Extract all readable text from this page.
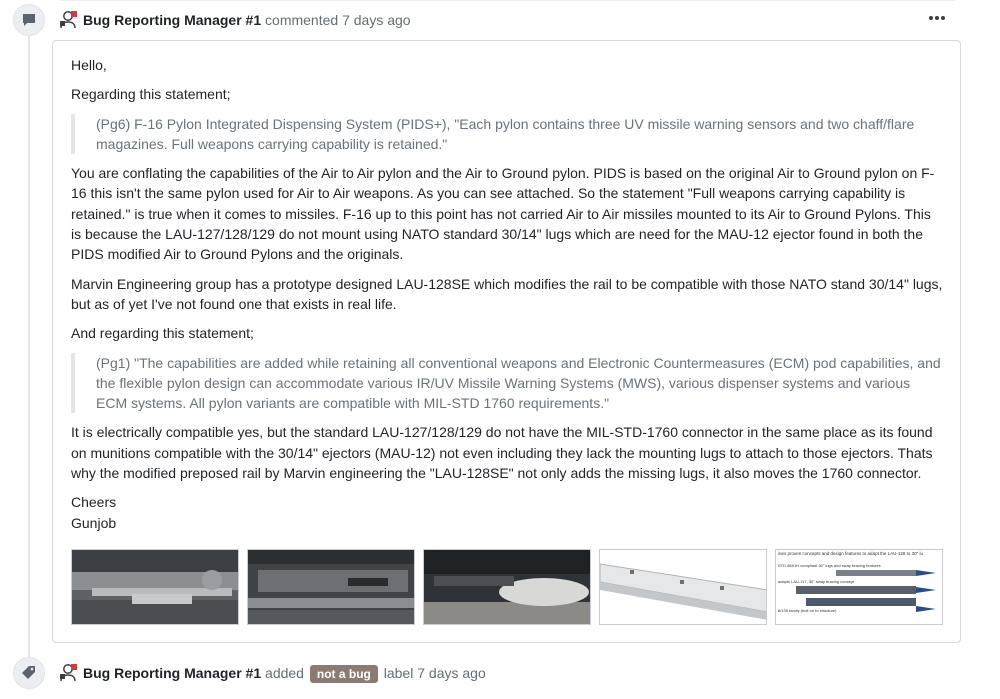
Bug Reporting Manager #1 commented 7 days ago

Hello,

Regarding this statement;

(Pg6) F-16 Pylon Integrated Dispensing System (PIDS+), "Each pylon contains three UV missile warning sensors and two chaff/flare magazines. Full weapons carrying capability is retained."

You are conflating the capabilities of the Air to Air pylon and the Air to Ground pylon. PIDS is based on the original Air to Ground pylon on F-16 this isn't the same pylon used for Air to Air weapons. As you can see attached. So the statement "Full weapons carrying capability is retained." is true when it comes to missiles. F-16 up to this point has not carried Air to Air missiles mounted to its Air to Ground Pylons. This is because the LAU-127/128/129 do not mount using NATO standard 30/14" lugs which are need for the MAU-12 ejector found in both the PIDS modified Air to Ground Pylons and the originals.

Marvin Engineering group has a prototype designed LAU-128SE which modifies the rail to be compatible with those NATO stand 30/14" lugs, but as of yet I've not found one that exists in real life.

And regarding this statement;

(Pg1) "The capabilities are added while retaining all conventional weapons and Electronic Countermeasures (ECM) pod capabilities, and the flexible pylon design can accommodate various IR/UV Missile Warning Systems (MWS), various dispenser systems and various ECM systems. All pylon variants are compatible with MIL-STD 1760 requirements."

It is electrically compatible yes, but the standard LAU-127/128/129 do not have the MIL-STD-1760 connector in the same place as its found on munitions compatible with the 30/14" ejectors (MAU-12) not even including they lack the mounting lugs to attach to those ejectors. Thats why the modified preposed rail by Marvin engineering the "LAU-128SE" not only adds the missing lugs, it also moves the 1760 connector.

Cheers

Gunjob

ines proven concepts and design features to adapt the LAU-128 to 30" lu
STD-8591H compliant 30" lugs and sway bracing features
adapts LAU-117, 30" sway bracing concept
8/139 family (bolt on to structure)
Bug Reporting Manager #1 added not a bug label 7 days ago
